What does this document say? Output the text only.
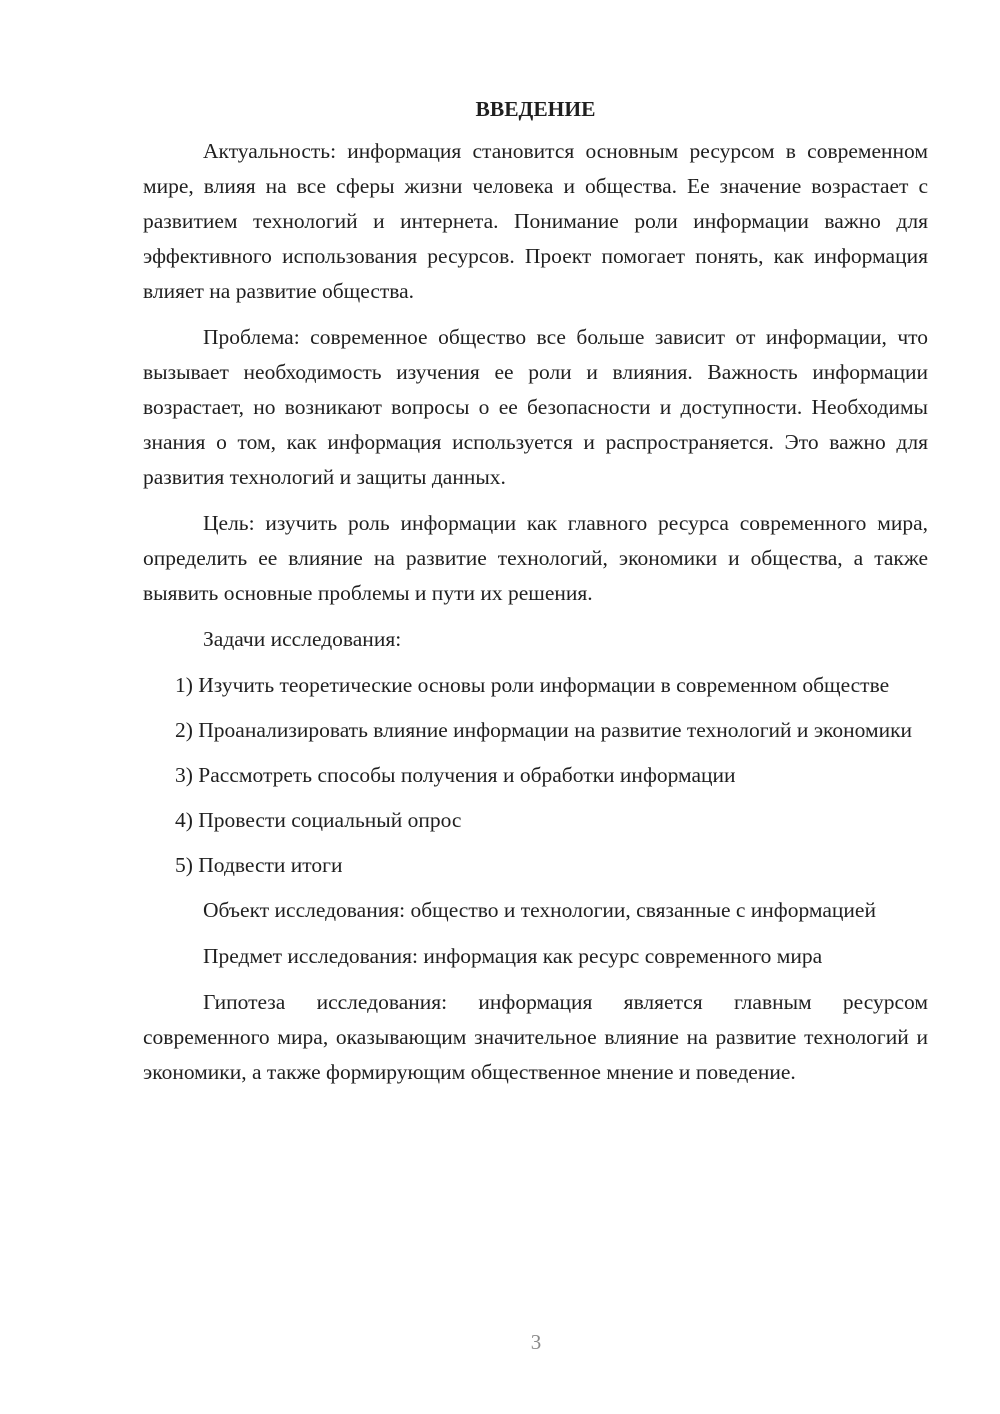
ВВЕДЕНИЕ

Актуальность: информация становится основным ресурсом в современном мире, влияя на все сферы жизни человека и общества. Ее значение возрастает с развитием технологий и интернета. Понимание роли информации важно для эффективного использования ресурсов. Проект помогает понять, как информация влияет на развитие общества.

Проблема: современное общество все больше зависит от информации, что вызывает необходимость изучения ее роли и влияния. Важность информации возрастает, но возникают вопросы о ее безопасности и доступности. Необходимы знания о том, как информация используется и распространяется. Это важно для развития технологий и защиты данных.

Цель: изучить роль информации как главного ресурса современного мира, определить ее влияние на развитие технологий, экономики и общества, а также выявить основные проблемы и пути их решения.

Задачи исследования:

1) Изучить теоретические основы роли информации в современном обществе

2) Проанализировать влияние информации на развитие технологий и экономики

3) Рассмотреть способы получения и обработки информации

4) Провести социальный опрос

5) Подвести итоги

Объект исследования: общество и технологии, связанные с информацией

Предмет исследования: информация как ресурс современного мира

Гипотеза исследования: информация является главным ресурсом современного мира, оказывающим значительное влияние на развитие технологий и экономики, а также формирующим общественное мнение и поведение.

3
